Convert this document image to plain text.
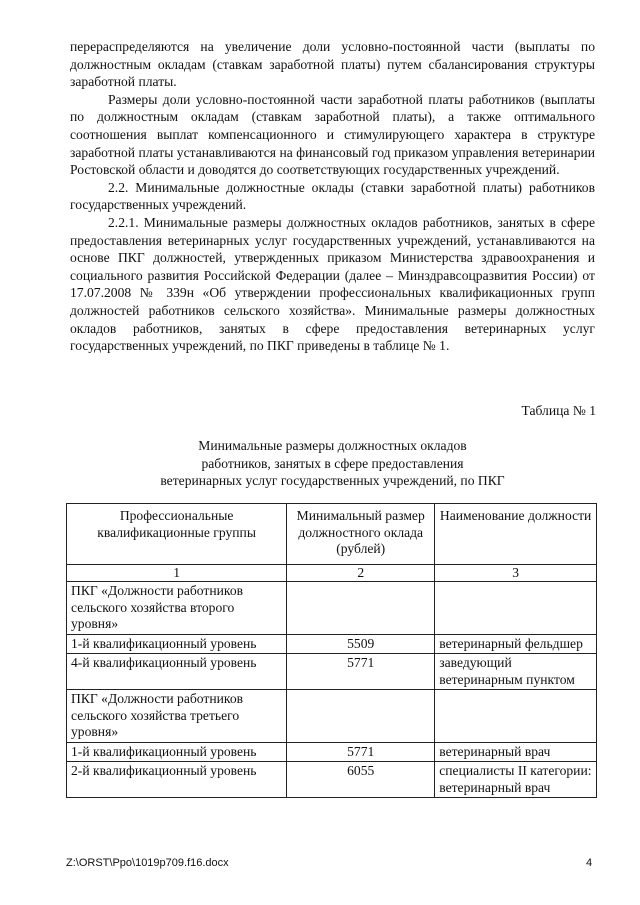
перераспределяются на увеличение доли условно-постоянной части (выплаты по должностным окладам (ставкам заработной платы) путем сбалансирования структуры заработной платы.

Размеры доли условно-постоянной части заработной платы работников (выплаты по должностным окладам (ставкам заработной платы), а также оптимального соотношения выплат компенсационного и стимулирующего характера в структуре заработной платы устанавливаются на финансовый год приказом управления ветеринарии Ростовской области и доводятся до соответствующих государственных учреждений.

2.2. Минимальные должностные оклады (ставки заработной платы) работников государственных учреждений.

2.2.1. Минимальные размеры должностных окладов работников, занятых в сфере предоставления ветеринарных услуг государственных учреждений, устанавливаются на основе ПКГ должностей, утвержденных приказом Министерства здравоохранения и социального развития Российской Федерации (далее – Минздравсоцразвития России) от 17.07.2008 № 339н «Об утверждении профессиональных квалификационных групп должностей работников сельского хозяйства». Минимальные размеры должностных окладов работников, занятых в сфере предоставления ветеринарных услуг государственных учреждений, по ПКГ приведены в таблице № 1.

Таблица № 1
Минимальные размеры должностных окладов
работников, занятых в сфере предоставления
ветеринарных услуг государственных учреждений, по ПКГ
Профессиональные квалификационные группы	Минимальный размер должностного оклада (рублей)	Наименование должности
1	2	3
ПКГ «Должности работников сельского хозяйства второго уровня»		
1-й квалификационный уровень	5509	ветеринарный фельдшер
4-й квалификационный уровень	5771	заведующий ветеринарным пунктом
ПКГ «Должности работников сельского хозяйства третьего уровня»		
1-й квалификационный уровень	5771	ветеринарный врач
2-й квалификационный уровень	6055	специалисты II категории: ветеринарный врач
Z:\ORST\Ppo\1019p709.f16.docx	4
